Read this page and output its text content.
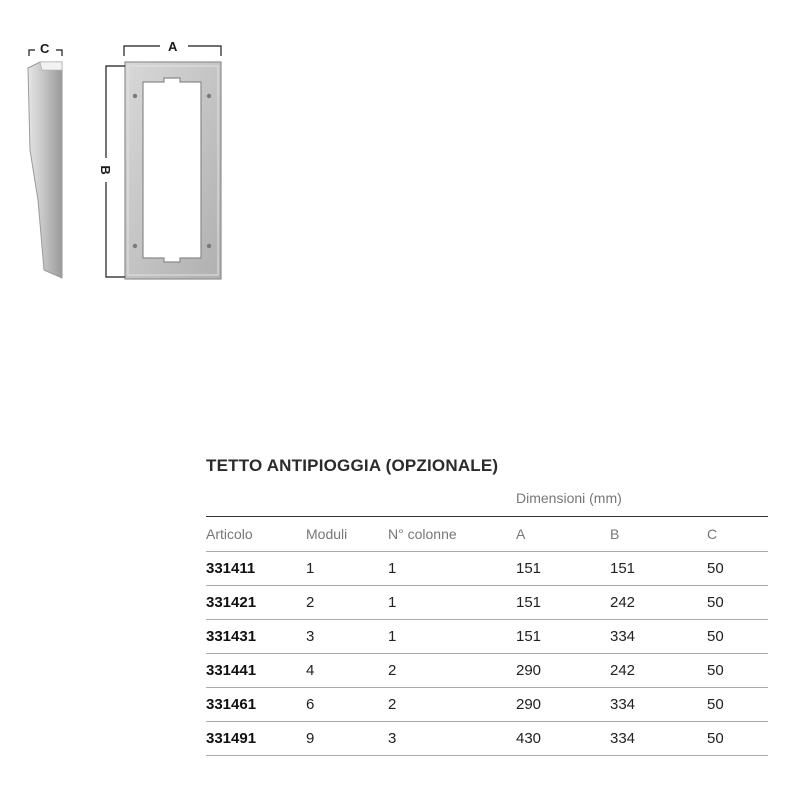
C	A
B
TETTO ANTIPIOGGIA (OPZIONALE)
Dimensioni (mm)
Articolo	Moduli	N° colonne	A	B	C
331411	1	1	151	151	50
331421	2	1	151	242	50
331431	3	1	151	334	50
331441	4	2	290	242	50
331461	6	2	290	334	50
331491	9	3	430	334	50
